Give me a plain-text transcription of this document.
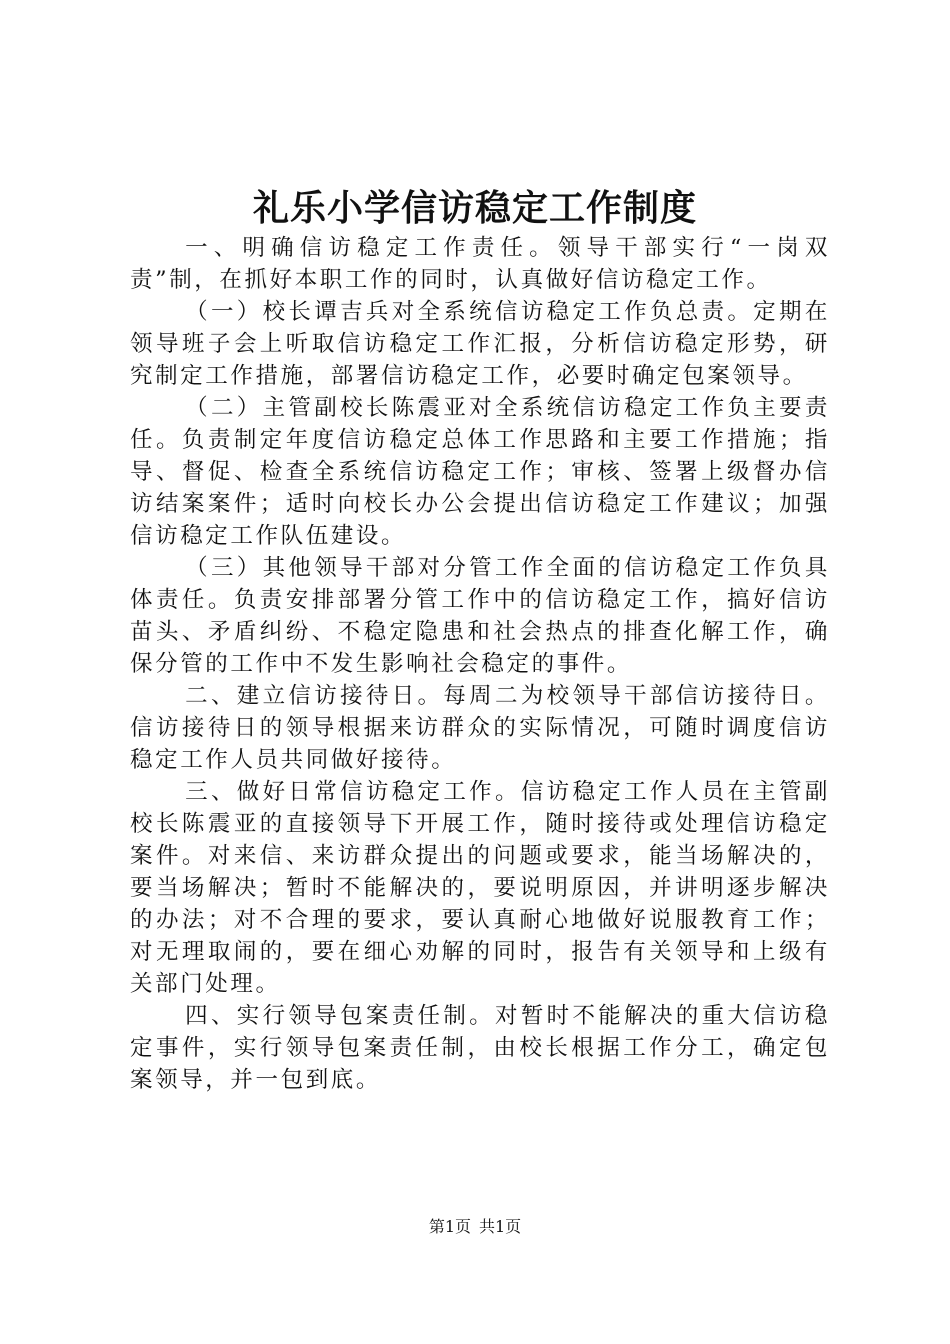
礼乐小学信访稳定工作制度

一、明确信访稳定工作责任。领导干部实行“一岗双责”制，在抓好本职工作的同时，认真做好信访稳定工作。

（一）校长谭吉兵对全系统信访稳定工作负总责。定期在领导班子会上听取信访稳定工作汇报，分析信访稳定形势，研究制定工作措施，部署信访稳定工作，必要时确定包案领导。

（二）主管副校长陈震亚对全系统信访稳定工作负主要责任。负责制定年度信访稳定总体工作思路和主要工作措施；指导、督促、检查全系统信访稳定工作；审核、签署上级督办信访结案案件；适时向校长办公会提出信访稳定工作建议；加强信访稳定工作队伍建设。

（三）其他领导干部对分管工作全面的信访稳定工作负具体责任。负责安排部署分管工作中的信访稳定工作，搞好信访苗头、矛盾纠纷、不稳定隐患和社会热点的排查化解工作，确保分管的工作中不发生影响社会稳定的事件。

二、建立信访接待日。每周二为校领导干部信访接待日。信访接待日的领导根据来访群众的实际情况，可随时调度信访稳定工作人员共同做好接待。

三、做好日常信访稳定工作。信访稳定工作人员在主管副校长陈震亚的直接领导下开展工作，随时接待或处理信访稳定案件。对来信、来访群众提出的问题或要求，能当场解决的，要当场解决；暂时不能解决的，要说明原因，并讲明逐步解决的办法；对不合理的要求，要认真耐心地做好说服教育工作；对无理取闹的，要在细心劝解的同时，报告有关领导和上级有关部门处理。

四、实行领导包案责任制。对暂时不能解决的重大信访稳定事件，实行领导包案责任制，由校长根据工作分工，确定包案领导，并一包到底。

第1页 共1页
